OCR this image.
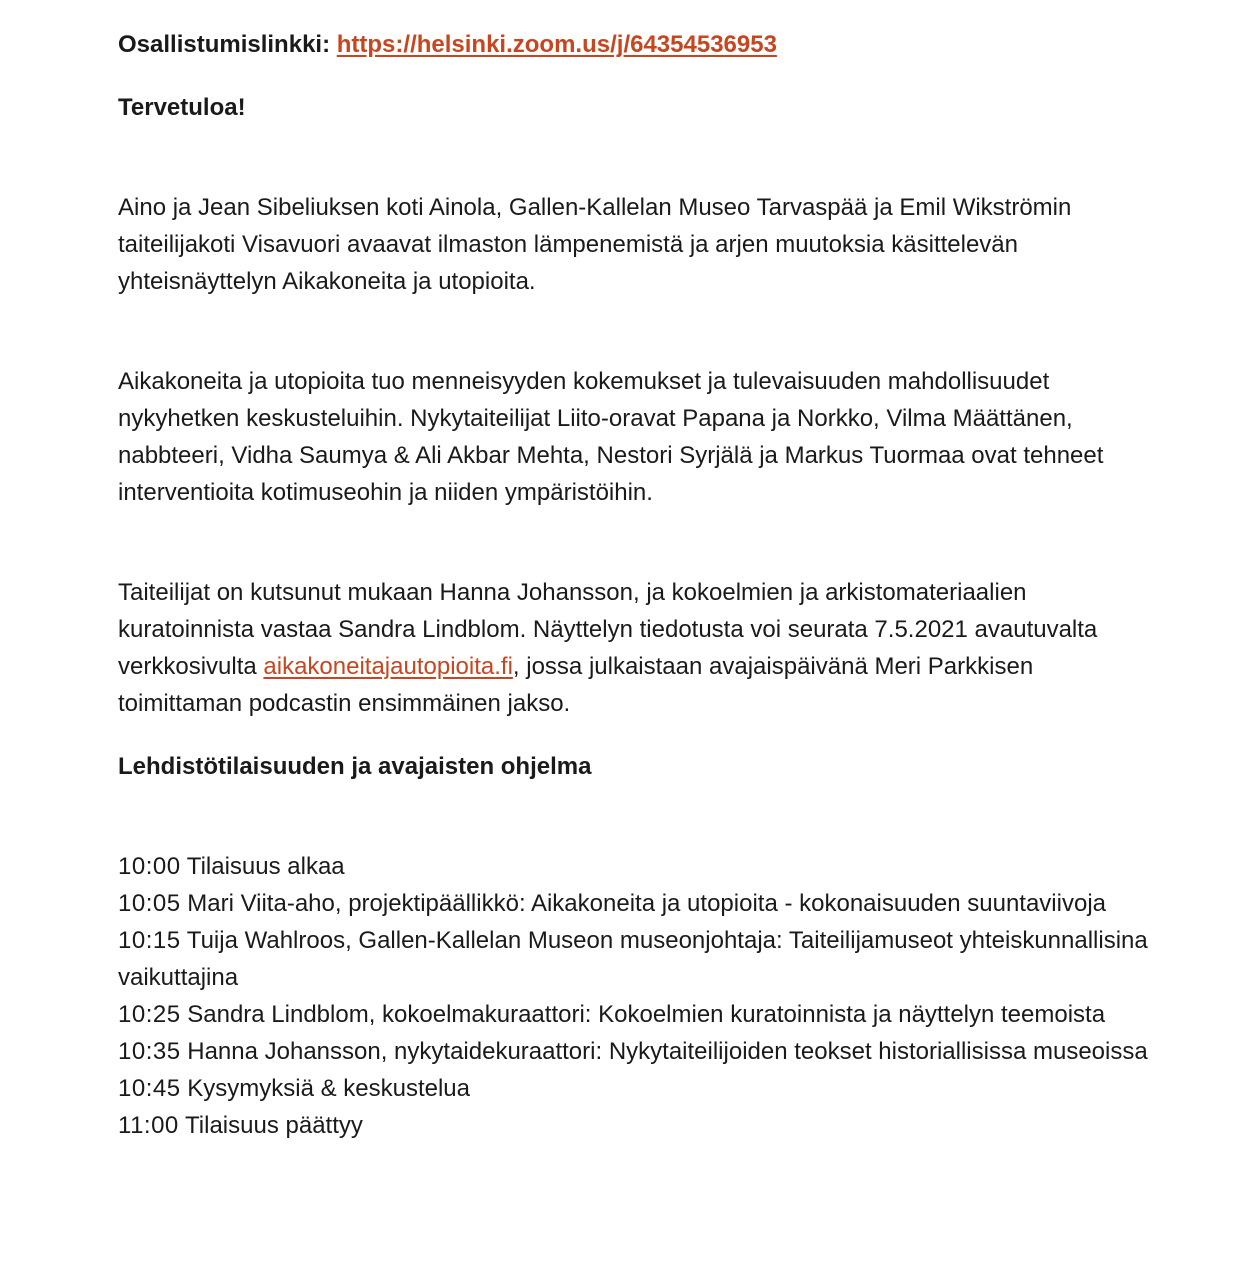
Osallistumislinkki: https://helsinki.zoom.us/j/64354536953

Tervetuloa!

Aino ja Jean Sibeliuksen koti Ainola, Gallen-Kallelan Museo Tarvaspää ja Emil Wikströmin taiteilijakoti Visavuori avaavat ilmaston lämpenemistä ja arjen muutoksia käsittelevän yhteisnäyttelyn Aikakoneita ja utopioita.

Aikakoneita ja utopioita tuo menneisyyden kokemukset ja tulevaisuuden mahdollisuudet nykyhetken keskusteluihin. Nykytaiteilijat Liito-oravat Papana ja Norkko, Vilma Määttänen, nabbteeri, Vidha Saumya & Ali Akbar Mehta, Nestori Syrjälä ja Markus Tuormaa ovat tehneet interventioita kotimuseohin ja niiden ympäristöihin.

Taiteilijat on kutsunut mukaan Hanna Johansson, ja kokoelmien ja arkistomateriaalien kuratoinnista vastaa Sandra Lindblom. Näyttelyn tiedotusta voi seurata 7.5.2021 avautuvalta verkkosivulta aikakoneitajautopioita.fi, jossa julkaistaan avajaispäivänä Meri Parkkisen toimittaman podcastin ensimmäinen jakso.

Lehdistötilaisuuden ja avajaisten ohjelma

10:00 Tilaisuus alkaa
10:05 Mari Viita-aho, projektipäällikkö: Aikakoneita ja utopioita - kokonaisuuden suuntaviivoja
10:15 Tuija Wahlroos, Gallen-Kallelan Museon museonjohtaja: Taiteilijamuseot yhteiskunnallisina vaikuttajina
10:25 Sandra Lindblom, kokoelmakuraattori: Kokoelmien kuratoinnista ja näyttelyn teemoista
10:35 Hanna Johansson, nykytaidekuraattori: Nykytaiteilijoiden teokset historiallisissa museoissa
10:45 Kysymyksiä & keskustelua
11:00 Tilaisuus päättyy
